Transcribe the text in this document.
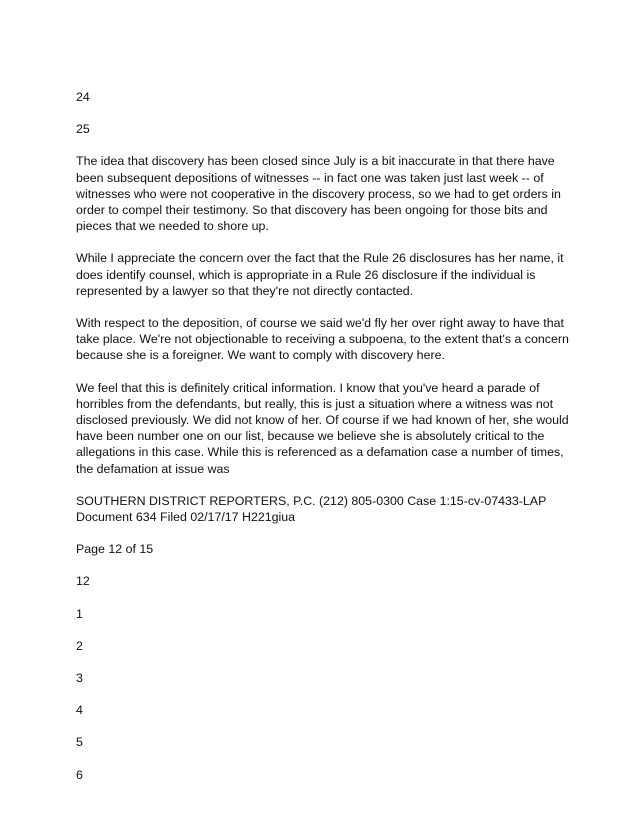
24
25
The idea that discovery has been closed since July is a bit inaccurate in that there have been subsequent depositions of witnesses -- in fact one was taken just last week -- of witnesses who were not cooperative in the discovery process, so we had to get orders in order to compel their testimony. So that discovery has been ongoing for those bits and pieces that we needed to shore up.
While I appreciate the concern over the fact that the Rule 26 disclosures has her name, it does identify counsel, which is appropriate in a Rule 26 disclosure if the individual is represented by a lawyer so that they're not directly contacted.
With respect to the deposition, of course we said we'd fly her over right away to have that take place. We're not objectionable to receiving a subpoena, to the extent that's a concern because she is a foreigner. We want to comply with discovery here.
We feel that this is definitely critical information. I know that you've heard a parade of horribles from the defendants, but really, this is just a situation where a witness was not disclosed previously. We did not know of her. Of course if we had known of her, she would have been number one on our list, because we believe she is absolutely critical to the allegations in this case. While this is referenced as a defamation case a number of times, the defamation at issue was
SOUTHERN DISTRICT REPORTERS, P.C. (212) 805-0300 Case 1:15-cv-07433-LAP Document 634 Filed 02/17/17 H221giua
Page 12 of 15
12
1
2
3
4
5
6
